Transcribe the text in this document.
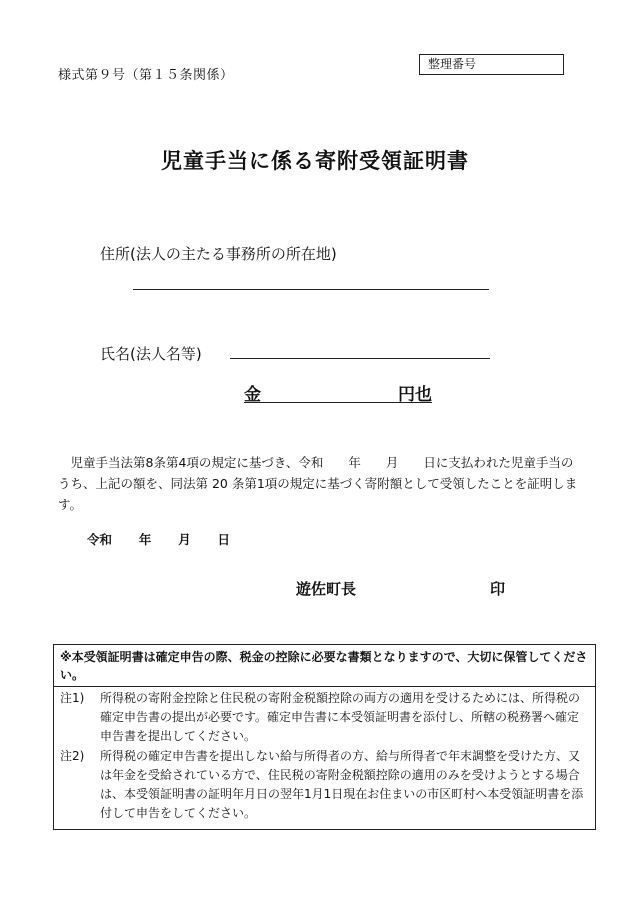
様式第９号（第１５条関係）
整理番号
児童手当に係る寄附受領証明書
住所(法人の主たる事務所の所在地)
氏名(法人名等)
金	円也
　児童手当法第8条第4項の規定に基づき、令和　　年　　月　　日に支払われた児童手当のうち、上記の額を、同法第 20 条第1項の規定に基づく寄附額として受領したことを証明します。
令和　 年　 月　 日
遊佐町長	印
※本受領証明書は確定申告の際、税金の控除に必要な書類となりますので、大切に保管してください。
注1)	所得税の寄附金控除と住民税の寄附金税額控除の両方の適用を受けるためには、所得税の確定申告書の提出が必要です。確定申告書に本受領証明書を添付し、所轄の税務署へ確定申告書を提出してください。
注2)	所得税の確定申告書を提出しない給与所得者の方、給与所得者で年末調整を受けた方、又は年金を受給されている方で、住民税の寄附金税額控除の適用のみを受けようとする場合は、本受領証明書の証明年月日の翌年1月1日現在お住まいの市区町村へ本受領証明書を添付して申告をしてください。
